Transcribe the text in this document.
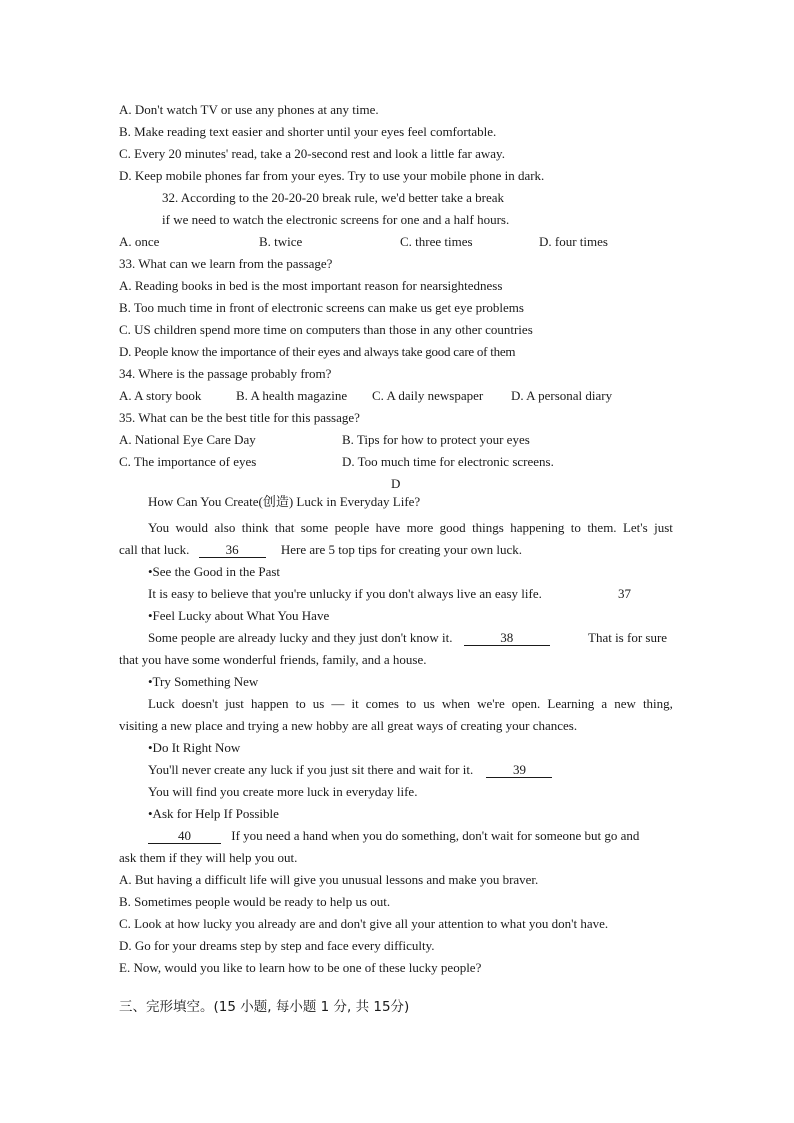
A. Don't watch TV or use any phones at any time.
B. Make reading text easier and shorter until your eyes feel comfortable.
C. Every 20 minutes' read, take a 20-second rest and look a little far away.
D. Keep mobile phones far from your eyes. Try to use your mobile phone in dark.
32. According to the 20-20-20 break rule, we'd better take a break
if we need to watch the electronic screens for one and a half hours.
A. once	B. twice	C. three times	D. four times
33. What can we learn from the passage?
A. Reading books in bed is the most important reason for nearsightedness
B. Too much time in front of electronic screens can make us get eye problems
C. US children spend more time on computers than those in any other countries
D. People know the importance of their eyes and always take good care of them
34. Where is the passage probably from?
A. A story book	B. A health magazine C. A daily newspaper D. A personal diary
35. What can be the best title for this passage?
A. National Eye Care Day	B. Tips for how to protect your eyes
C. The importance of eyes	D. Too much time for electronic screens.
D
How Can You Create(创造) Luck in Everyday Life?
You would also think that some people have more good things happening to them. Let's just
call that luck.	36	Here are 5 top tips for creating your own luck.
•See the Good in the Past
It is easy to believe that you're unlucky if you don't always live an easy life.	37
•Feel Lucky about What You Have
Some people are already lucky and they just don't know it.	38	That is for sure
that you have some wonderful friends, family, and a house.
•Try Something New
Luck doesn't just happen to us — it comes to us when we're open. Learning a new thing,
visiting a new place and trying a new hobby are all great ways of creating your chances.
•Do It Right Now
You'll never create any luck if you just sit there and wait for it.	39
You will find you create more luck in everyday life.
•Ask for Help If Possible
40	If you need a hand when you do something, don't wait for someone but go and
ask them if they will help you out.
A. But having a difficult life will give you unusual lessons and make you braver.
B. Sometimes people would be ready to help us out.
C. Look at how lucky you already are and don't give all your attention to what you don't have.
D. Go for your dreams step by step and face every difficulty.
E. Now, would you like to learn how to be one of these lucky people?
三、完形填空。(15 小题, 每小题 1 分, 共 15分)
